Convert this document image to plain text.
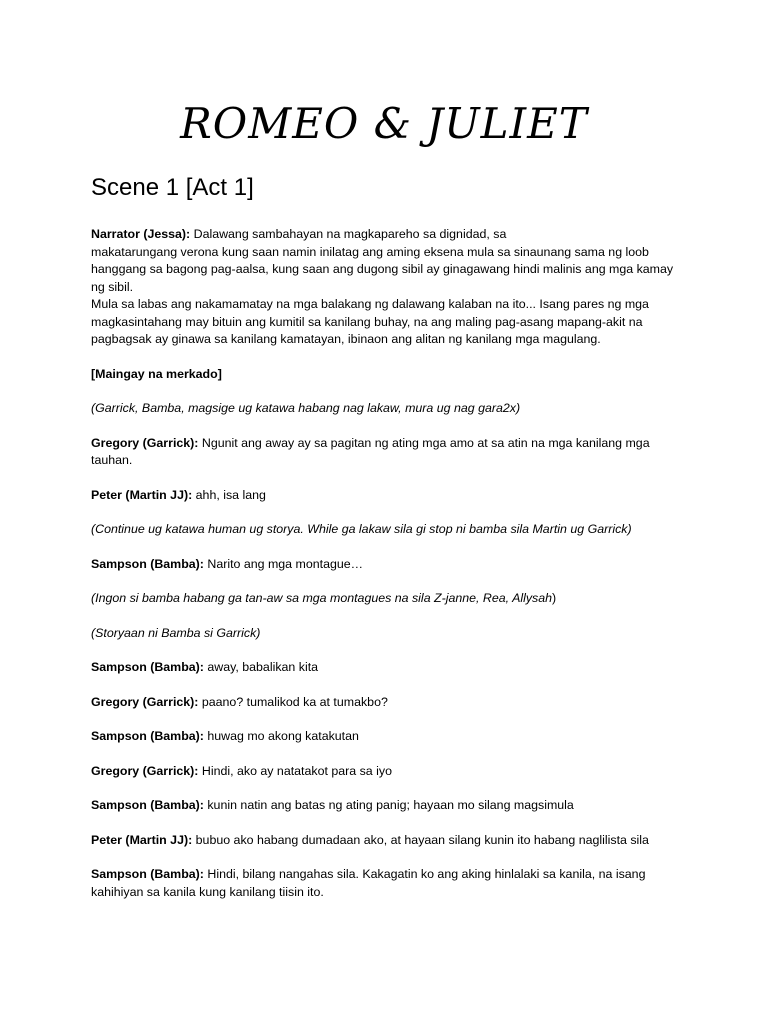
ROMEO & JULIET
Scene 1 [Act 1]
Narrator (Jessa): Dalawang sambahayan na magkapareho sa dignidad, sa
makatarungang verona kung saan namin inilatag ang aming eksena mula sa sinaunang sama ng loob hanggang sa bagong pag-aalsa, kung saan ang dugong sibil ay ginagawang hindi malinis ang mga kamay ng sibil.
Mula sa labas ang nakamamatay na mga balakang ng dalawang kalaban na ito... Isang pares ng mga magkasintahang may bituin ang kumitil sa kanilang buhay, na ang maling pag-asang mapang-akit na pagbagsak ay ginawa sa kanilang kamatayan, ibinaon ang alitan ng kanilang mga magulang.
[Maingay na merkado]
(Garrick, Bamba, magsige ug katawa habang nag lakaw, mura ug nag gara2x)
Gregory (Garrick): Ngunit ang away ay sa pagitan ng ating mga amo at sa atin na mga kanilang mga tauhan.
Peter (Martin JJ): ahh, isa lang
(Continue ug katawa human ug storya. While ga lakaw sila gi stop ni bamba sila Martin ug Garrick)
Sampson (Bamba): Narito ang mga montague…
(Ingon si bamba habang ga tan-aw sa mga montagues na sila Z-janne, Rea, Allysah)
(Storyaan ni Bamba si Garrick)
Sampson (Bamba): away, babalikan kita
Gregory (Garrick): paano? tumalikod ka at tumakbo?
Sampson (Bamba): huwag mo akong katakutan
Gregory (Garrick): Hindi, ako ay natatakot para sa iyo
Sampson (Bamba): kunin natin ang batas ng ating panig; hayaan mo silang magsimula
Peter (Martin JJ): bubuo ako habang dumadaan ako, at hayaan silang kunin ito habang naglilista sila
Sampson (Bamba): Hindi, bilang nangahas sila. Kakagatin ko ang aking hinlalaki sa kanila, na isang kahihiyan sa kanila kung kanilang tiisin ito.
